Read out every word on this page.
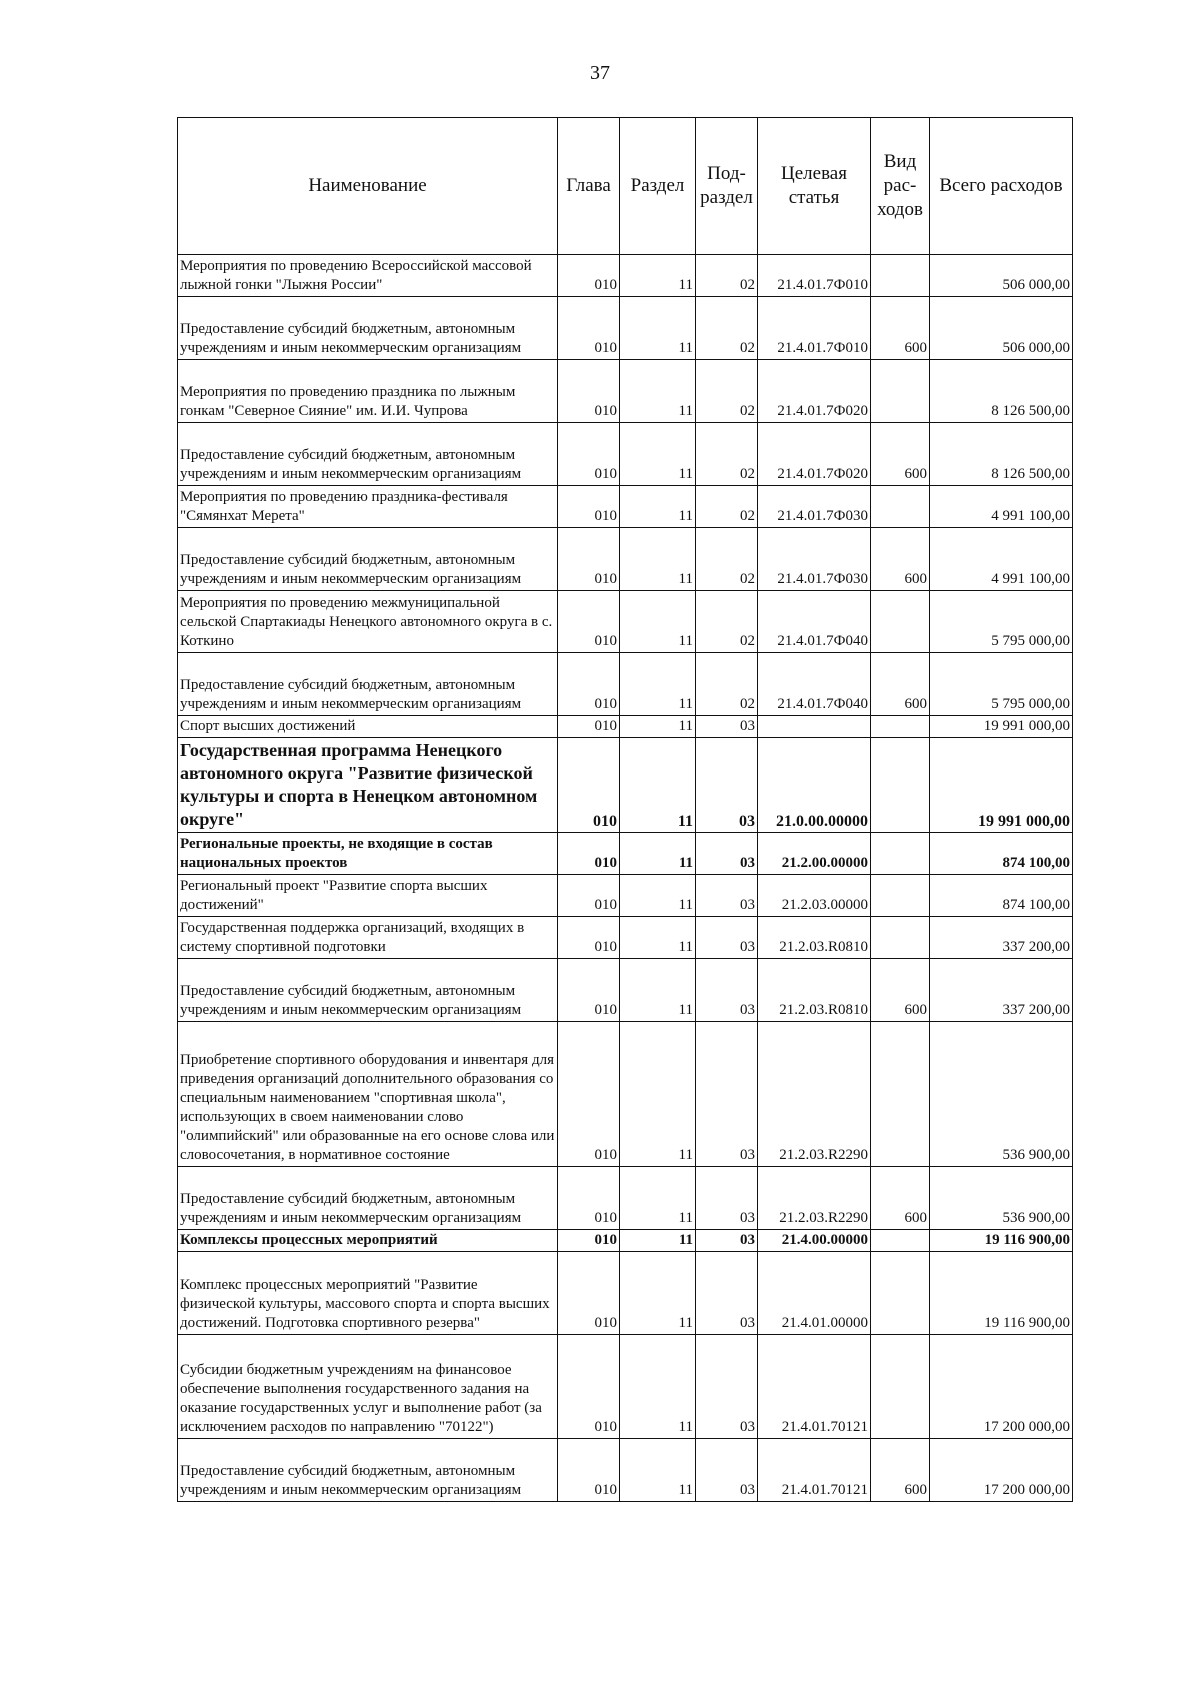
37
Наименование	Глава	Раздел	Под-раздел	Целевая статья	Вид рас-ходов	Всего расходов
Мероприятия по проведению Всероссийской массовой лыжной гонки "Лыжня России"	010	11	02	21.4.01.7Ф010		506 000,00
Предоставление субсидий бюджетным, автономным учреждениям и иным некоммерческим организациям	010	11	02	21.4.01.7Ф010	600	506 000,00
Мероприятия по проведению праздника по лыжным гонкам "Северное Сияние" им. И.И. Чупрова	010	11	02	21.4.01.7Ф020		8 126 500,00
Предоставление субсидий бюджетным, автономным учреждениям и иным некоммерческим организациям	010	11	02	21.4.01.7Ф020	600	8 126 500,00
Мероприятия по проведению праздника-фестиваля "Сямянхат Мерета"	010	11	02	21.4.01.7Ф030		4 991 100,00
Предоставление субсидий бюджетным, автономным учреждениям и иным некоммерческим организациям	010	11	02	21.4.01.7Ф030	600	4 991 100,00
Мероприятия по проведению межмуниципальной сельской Спартакиады Ненецкого автономного округа в с. Коткино	010	11	02	21.4.01.7Ф040		5 795 000,00
Предоставление субсидий бюджетным, автономным учреждениям и иным некоммерческим организациям	010	11	02	21.4.01.7Ф040	600	5 795 000,00
Спорт высших достижений	010	11	03			19 991 000,00
Государственная программа Ненецкого автономного округа "Развитие физической культуры и спорта в Ненецком автономном округе"	010	11	03	21.0.00.00000		19 991 000,00
Региональные проекты, не входящие в состав национальных проектов	010	11	03	21.2.00.00000		874 100,00
Региональный проект "Развитие спорта высших достижений"	010	11	03	21.2.03.00000		874 100,00
Государственная поддержка организаций, входящих в систему спортивной подготовки	010	11	03	21.2.03.R0810		337 200,00
Предоставление субсидий бюджетным, автономным учреждениям и иным некоммерческим организациям	010	11	03	21.2.03.R0810	600	337 200,00
Приобретение спортивного оборудования и инвентаря для приведения организаций дополнительного образования со специальным наименованием "спортивная школа", использующих в своем наименовании слово "олимпийский" или образованные на его основе слова или словосочетания, в нормативное состояние	010	11	03	21.2.03.R2290		536 900,00
Предоставление субсидий бюджетным, автономным учреждениям и иным некоммерческим организациям	010	11	03	21.2.03.R2290	600	536 900,00
Комплексы процессных мероприятий	010	11	03	21.4.00.00000		19 116 900,00
Комплекс процессных мероприятий "Развитие физической культуры, массового спорта и спорта высших достижений. Подготовка спортивного резерва"	010	11	03	21.4.01.00000		19 116 900,00
Субсидии бюджетным учреждениям на финансовое обеспечение выполнения государственного задания на оказание государственных услуг и выполнение работ (за исключением расходов по направлению "70122")	010	11	03	21.4.01.70121		17 200 000,00
Предоставление субсидий бюджетным, автономным учреждениям и иным некоммерческим организациям	010	11	03	21.4.01.70121	600	17 200 000,00
